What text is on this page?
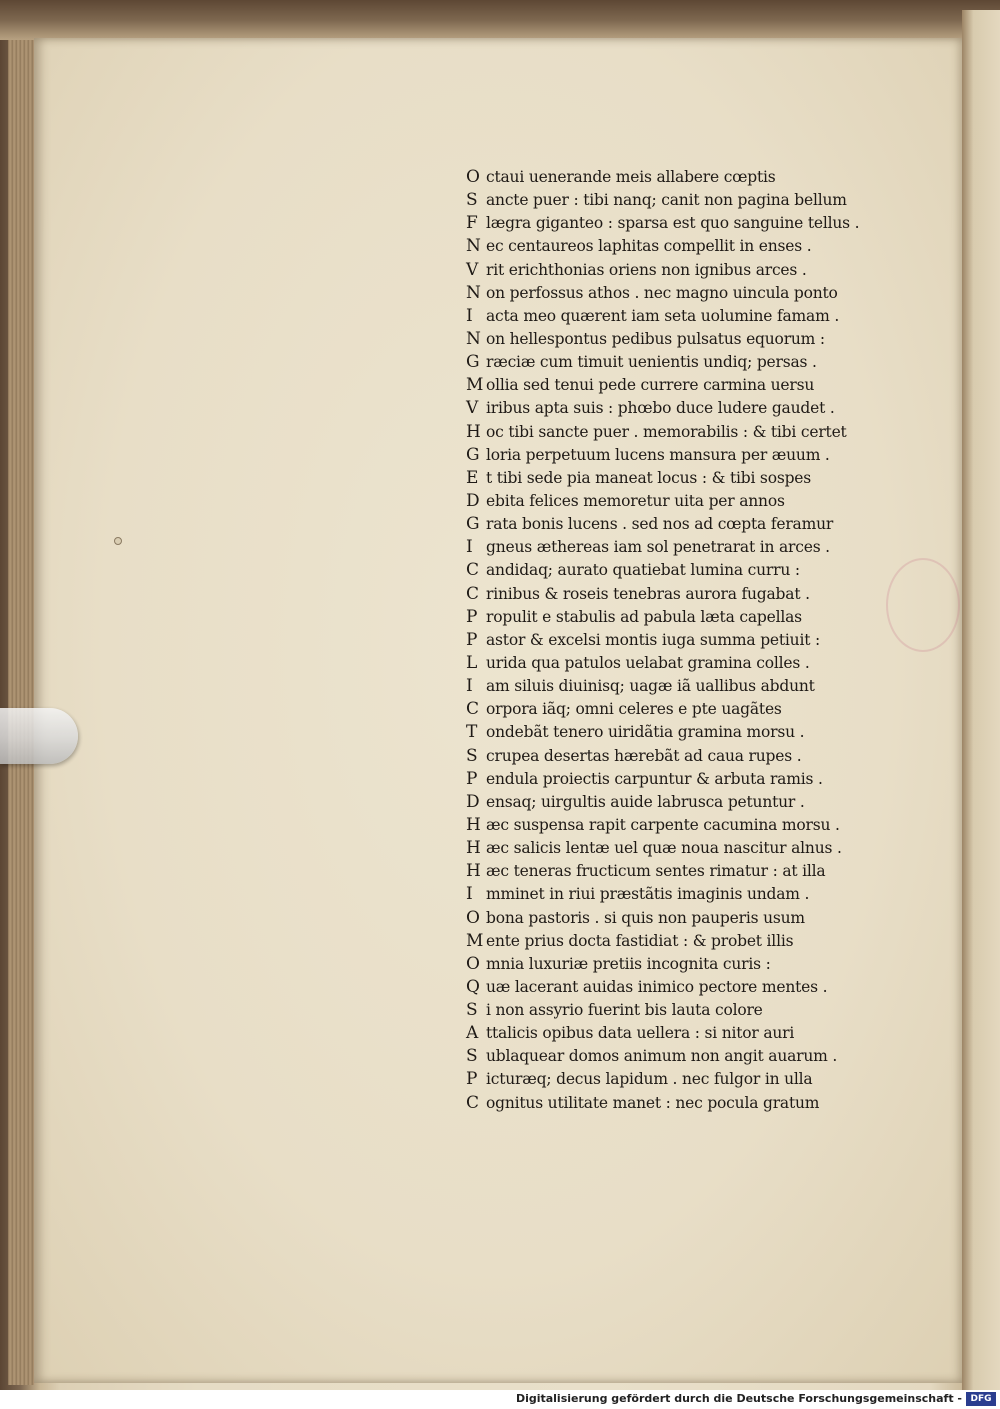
O ctaui uenerande meis allabere cœptis
S ancte puer : tibi nanq; canit non pagina bellum
F lægra giganteo : sparsa est quo sanguine tellus .
N ec centaureos laphitas compellit in enses .
V rit erichthonias oriens non ignibus arces .
N on perfossus athos . nec magno uincula ponto
I acta meo quærent iam seta uolumine famam .
N on hellespontus pedibus pulsatus equorum :
G ræciæ cum timuit uenientis undiq; persas .
M ollia sed tenui pede currere carmina uersu
V iribus apta suis : phœbo duce ludere gaudet .
H oc tibi sancte puer . memorabilis : & tibi certet
G loria perpetuum lucens mansura per æuum .
E t tibi sede pia maneat locus : & tibi sospes
D ebita felices memoretur uita per annos
G rata bonis lucens . sed nos ad cœpta feramur
I gneus æthereas iam sol penetrarat in arces .
C andidaq; aurato quatiebat lumina curru :
C rinibus & roseis tenebras aurora fugabat .
P ropulit e stabulis ad pabula læta capellas
P astor & excelsi montis iuga summa petiuit :
L urida qua patulos uelabat gramina colles .
I am siluis diuinisq; uagæ iã uallibus abdunt
C orpora iãq; omni celeres e pte uagãtes
T ondebãt tenero uiridãtia gramina morsu .
S crupea desertas hærebãt ad caua rupes .
P endula proiectis carpuntur & arbuta ramis .
D ensaq; uirgultis auide labrusca petuntur .
H æc suspensa rapit carpente cacumina morsu .
H æc salicis lentæ uel quæ noua nascitur alnus .
H æc teneras fructicum sentes rimatur : at illa
I mminet in riui præstãtis imaginis undam .
O bona pastoris . si quis non pauperis usum
M ente prius docta fastidiat : & probet illis
O mnia luxuriæ pretiis incognita curis :
Q uæ lacerant auidas inimico pectore mentes .
S i non assyrio fuerint bis lauta colore
A ttalicis opibus data uellera : si nitor auri
S ublaquear domos animum non angit auarum .
P icturæq; decus lapidum . nec fulgor in ulla
C ognitus utilitate manet : nec pocula gratum
Digitalisierung gefördert durch die Deutsche Forschungsgemeinschaft - DFG
